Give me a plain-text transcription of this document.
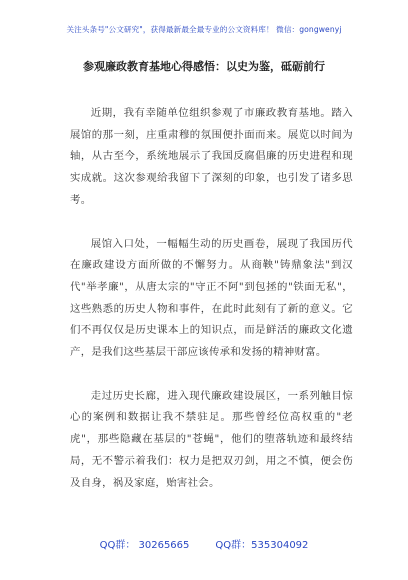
关注头条号"公文研究"，获得最新最全最专业的公文资料库！ 微信：gongwenyj
参观廉政教育基地心得感悟：以史为鉴，砥砺前行

近期，我有幸随单位组织参观了市廉政教育基地。踏入展馆的那一刻，庄重肃穆的氛围便扑面而来。展览以时间为轴，从古至今，系统地展示了我国反腐倡廉的历史进程和现实成就。这次参观给我留下了深刻的印象，也引发了诸多思考。

展馆入口处，一幅幅生动的历史画卷，展现了我国历代在廉政建设方面所做的不懈努力。从商鞅"铸鼎象法"到汉代"举孝廉"，从唐太宗的"守正不阿"到包拯的"铁面无私"，这些熟悉的历史人物和事件，在此时此刻有了新的意义。它们不再仅仅是历史课本上的知识点，而是鲜活的廉政文化遗产，是我们这些基层干部应该传承和发扬的精神财富。

走过历史长廊，进入现代廉政建设展区，一系列触目惊心的案例和数据让我不禁驻足。那些曾经位高权重的"老虎"，那些隐藏在基层的"苍蝇"，他们的堕落轨迹和最终结局，无不警示着我们：权力是把双刃剑，用之不慎，便会伤及自身，祸及家庭，贻害社会。

QQ群： 30265665	QQ群：535304092
